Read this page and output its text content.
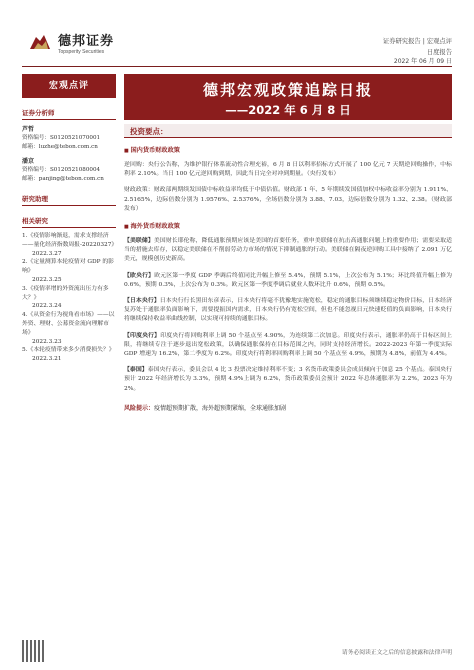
德邦证券
Topsperity Securities
证券研究报告 | 宏观点评
日度报告
2022 年 06 月 09 日
宏观点评
证券分析师
芦哲
资格编号：S0120521070001
邮箱：luzhe@tebon.com.cn
潘京
资格编号：S0120521080004
邮箱：panjing@tebon.com.cn
研究助理
相关研究
1.《疫情影响渐退，需求支撑经济——量化经济指数周报-20220327》
2022.3.27
2.《定量测算本轮疫情对 GDP 的影响》
2022.3.25
3.《疫情率增的外资流出压力有多大？》
2022.3.24
4.《从资金行为视角看市场》——以外资、理财、公募资金流向理解市场》
2022.3.23
5.《本轮疫情带来多少消费损失？》
2022.3.21
德邦宏观政策追踪日报
——2022 年 6 月 8 日
投资要点：
■ 国内货币财政政策
逆回购：央行公告称，为维护银行体系流动性合理充裕，6 月 8 日以利率招标方式开展了 100 亿元 7 天期逆回购操作，中标利率 2.10%。当日 100 亿元逆回购到期，因此当日完全对冲到期量。（央行发布）
财政政策：财政部两期续发国债中标收益率均低于中债估值。财政部 1 年、5 年期续发国债加权中标收益率分别为 1.911%、2.5165%，边际倍数分别为 1.9576%、2.5376%，全场倍数分别为 3.88、7.03，边际倍数分别为 1.32、2.38。（财政部发布）
■ 海外货币财政政策
【美联储】美国财长耶伦称，降低通胀预期应该是美国的首要任务，重申美联储在抗击高通胀问题上的重要作用；需要采取适当的措施去库存，以稳定美联储在不削弱劳动力市场的情况下抑制通胀的行动。美联储在隔夜逆回购工具中接纳了 2.091 万亿美元，规模创历史新高。
【欧央行】欧元区第一季度 GDP 季调后终值同比升幅上修至 5.4%，预期 5.1%，上次公布为 5.1%；环比终值升幅上修为 0.6%，预期 0.3%，上次公布为 0.3%。欧元区第一季度季调后就业人数环比升 0.6%，预期 0.5%。
【日本央行】日本央行行长黑田东彦表示，日本央行将毫不犹豫地实施宽松，稳定的通胀目标须继续稳定物价目标，日本经济复苏处于通胀率负面影响下，需要提振国内需求，日本央行仍有宽松空间，但也不能忽视日元快速贬值的负面影响，日本央行将继续保持收益率曲线控制，以实现可持续的通胀目标。
【印度央行】印度央行将回购利率上调 50 个基点至 4.90%，为连续第二次加息。印度央行表示，通胀率仍高于目标区间上限，将继续专注于逐步退出宽松政策，以确保通胀保持在目标范围之内，同时支持经济增长。2022-2023 年第一季度实际 GDP 增速为 16.2%，第二季度为 6.2%。印度央行将利率回购利率上调 50 个基点至 4.9%，预期为 4.8%，前值为 4.4%。
【泰国】泰国央行表示，委员会以 4 比 3 投票决定维持利率不变；3 名货币政策委员会成员倾向于加息 25 个基点。泰国央行预计 2022 年经济增长为 3.3%，预期 4.9%上调为 6.2%，货币政策委员会预计 2022 年总体通胀率为 2.2%，2023 年为 2%。
风险提示：疫情超预期扩散，海外超预期紧缩，全球通胀加剧
请务必阅读正文之后的信息披露和法律声明
